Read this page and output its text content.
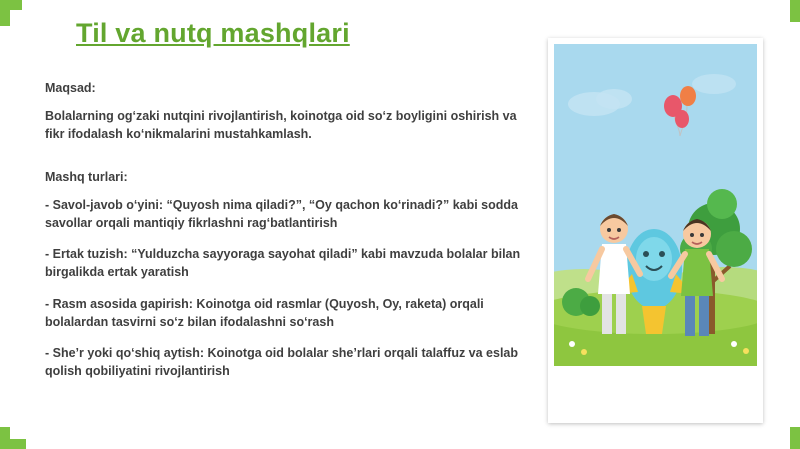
Til va nutq mashqlari

Maqsad:

Bolalarning og‘zaki nutqini rivojlantirish, koinotga oid so‘z boyligini oshirish va fikr ifodalash ko‘nikmalarini mustahkamlash.

Mashq turlari:

- Savol-javob o‘yini: “Quyosh nima qiladi?”, “Oy qachon ko‘rinadi?” kabi sodda savollar orqali mantiqiy fikrlashni rag‘batlantirish

- Ertak tuzish: “Yulduzcha sayyoraga sayohat qiladi” kabi mavzuda bolalar bilan birgalikda ertak yaratish

- Rasm asosida gapirish: Koinotga oid rasmlar (Quyosh, Oy, raketa) orqali bolalardan tasvirni so‘z bilan ifodalashni so‘rash

- She’r yoki qo‘shiq aytish: Koinotga oid bolalar she’rlari orqali talaffuz va eslab qolish qobiliyatini rivojlantirish
